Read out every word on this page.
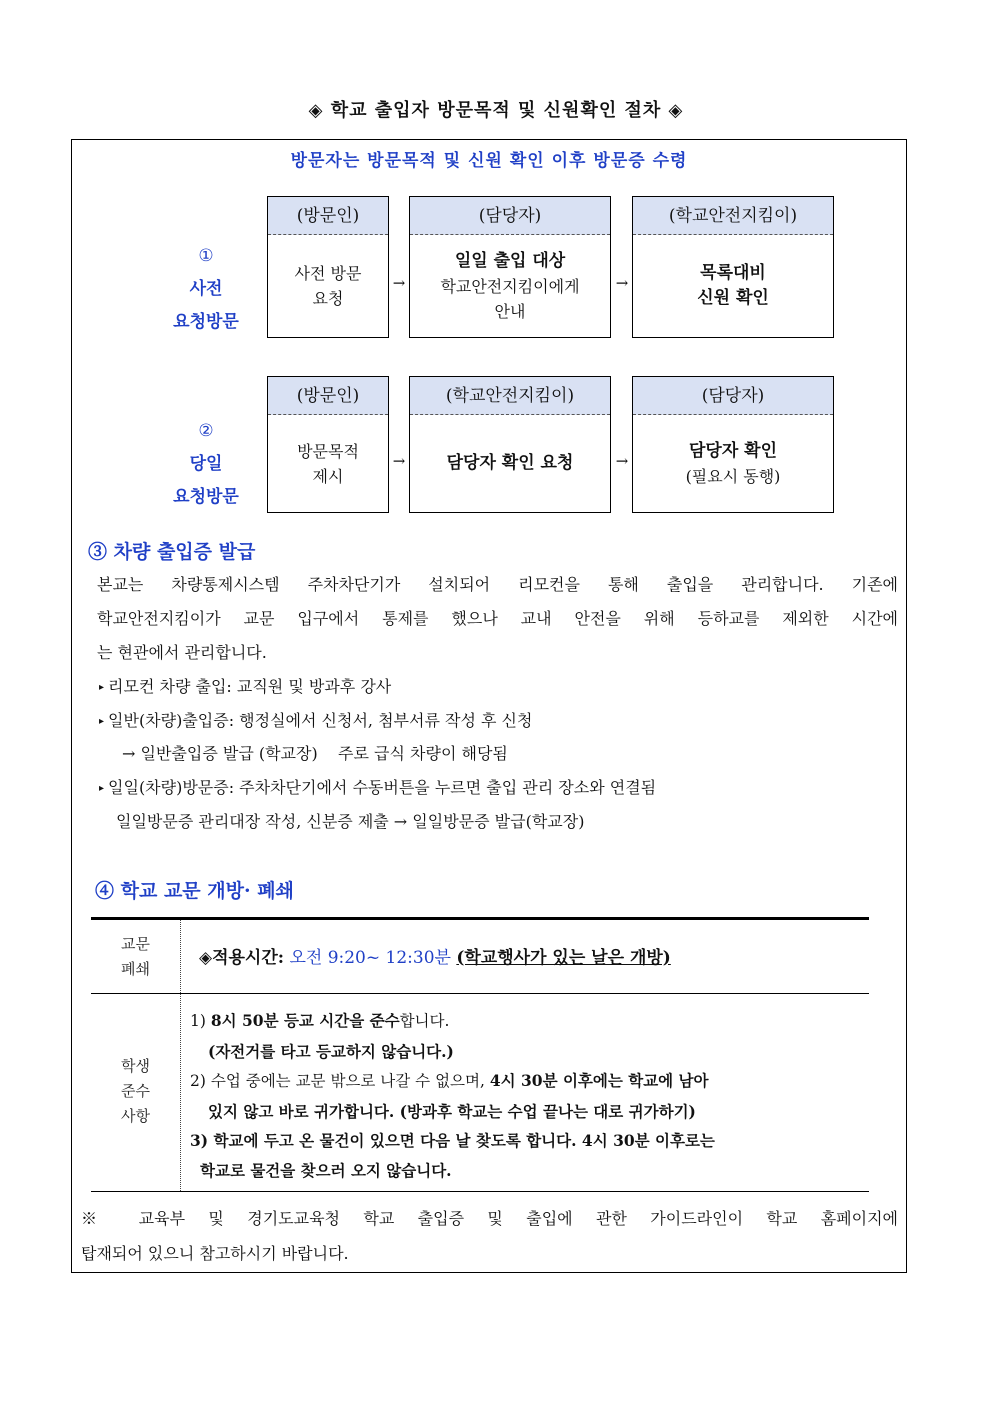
◈ 학교 출입자 방문목적 및 신원확인 절차 ◈
방문자는 방문목적 및 신원 확인 이후 방문증 수령
①
사전
요청방문
(방문인)
사전 방문
요청
→
(담당자)
일일 출입 대상
학교안전지킴이에게
안내
→
(학교안전지킴이)
목록대비
신원 확인
②
당일
요청방문
(방문인)
방문목적
제시
→
(학교안전지킴이)
담당자 확인 요청	→
(담당자)
담당자 확인
(필요시 동행)
③ 차량 출입증 발급
본교는 차량통제시스템 주차차단기가 설치되어 리모컨을 통해 출입을 관리합니다. 기존에
학교안전지킴이가 교문 입구에서 통제를 했으나 교내 안전을 위해 등하교를 제외한 시간에
는 현관에서 관리합니다.
▸ 리모컨 차량 출입: 교직원 및 방과후 강사
▸ 일반(차량)출입증: 행정실에서 신청서, 첨부서류 작성 후 신청
→ 일반출입증 발급 (학교장)    주로 급식 차량이 해당됨
▸ 일일(차량)방문증: 주차차단기에서 수동버튼을 누르면 출입 관리 장소와 연결됨
일일방문증 관리대장 작성, 신분증 제출 → 일일방문증 발급(학교장)
④ 학교 교문 개방· 폐쇄
교문
폐쇄
◈적용시간: 오전 9:20~ 12:30분 (학교행사가 있는 날은 개방)
학생
준수
사항
1) 8시 50분 등교 시간을 준수합니다.
(자전거를 타고 등교하지 않습니다.)
2) 수업 중에는 교문 밖으로 나갈 수 없으며, 4시 30분 이후에는 학교에 남아
있지 않고 바로 귀가합니다. (방과후 학교는 수업 끝나는 대로 귀가하기)
3) 학교에 두고 온 물건이 있으면 다음 날 찾도록 합니다. 4시 30분 이후로는
학교로 물건을 찾으러 오지 않습니다.
※ 교육부 및 경기도교육청 학교 출입증 및 출입에 관한 가이드라인이 학교 홈페이지에
탑재되어 있으니 참고하시기 바랍니다.
